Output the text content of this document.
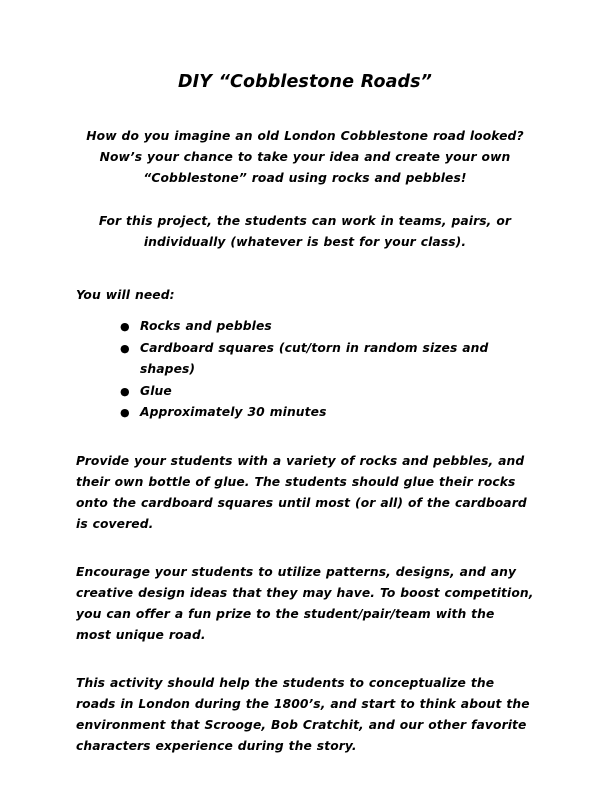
DIY “Cobblestone Roads”

How do you imagine an old London Cobblestone road looked? Now’s your chance to take your idea and create your own “Cobblestone” road using rocks and pebbles!

For this project, the students can work in teams, pairs, or individually (whatever is best for your class).

You will need:

● Rocks and pebbles
● Cardboard squares (cut/torn in random sizes and shapes)
● Glue
● Approximately 30 minutes

Provide your students with a variety of rocks and pebbles, and their own bottle of glue. The students should glue their rocks onto the cardboard squares until most (or all) of the cardboard is covered.

Encourage your students to utilize patterns, designs, and any creative design ideas that they may have. To boost competition, you can offer a fun prize to the student/pair/team with the most unique road.

This activity should help the students to conceptualize the roads in London during the 1800’s, and start to think about the environment that Scrooge, Bob Cratchit, and our other favorite characters experience during the story.
